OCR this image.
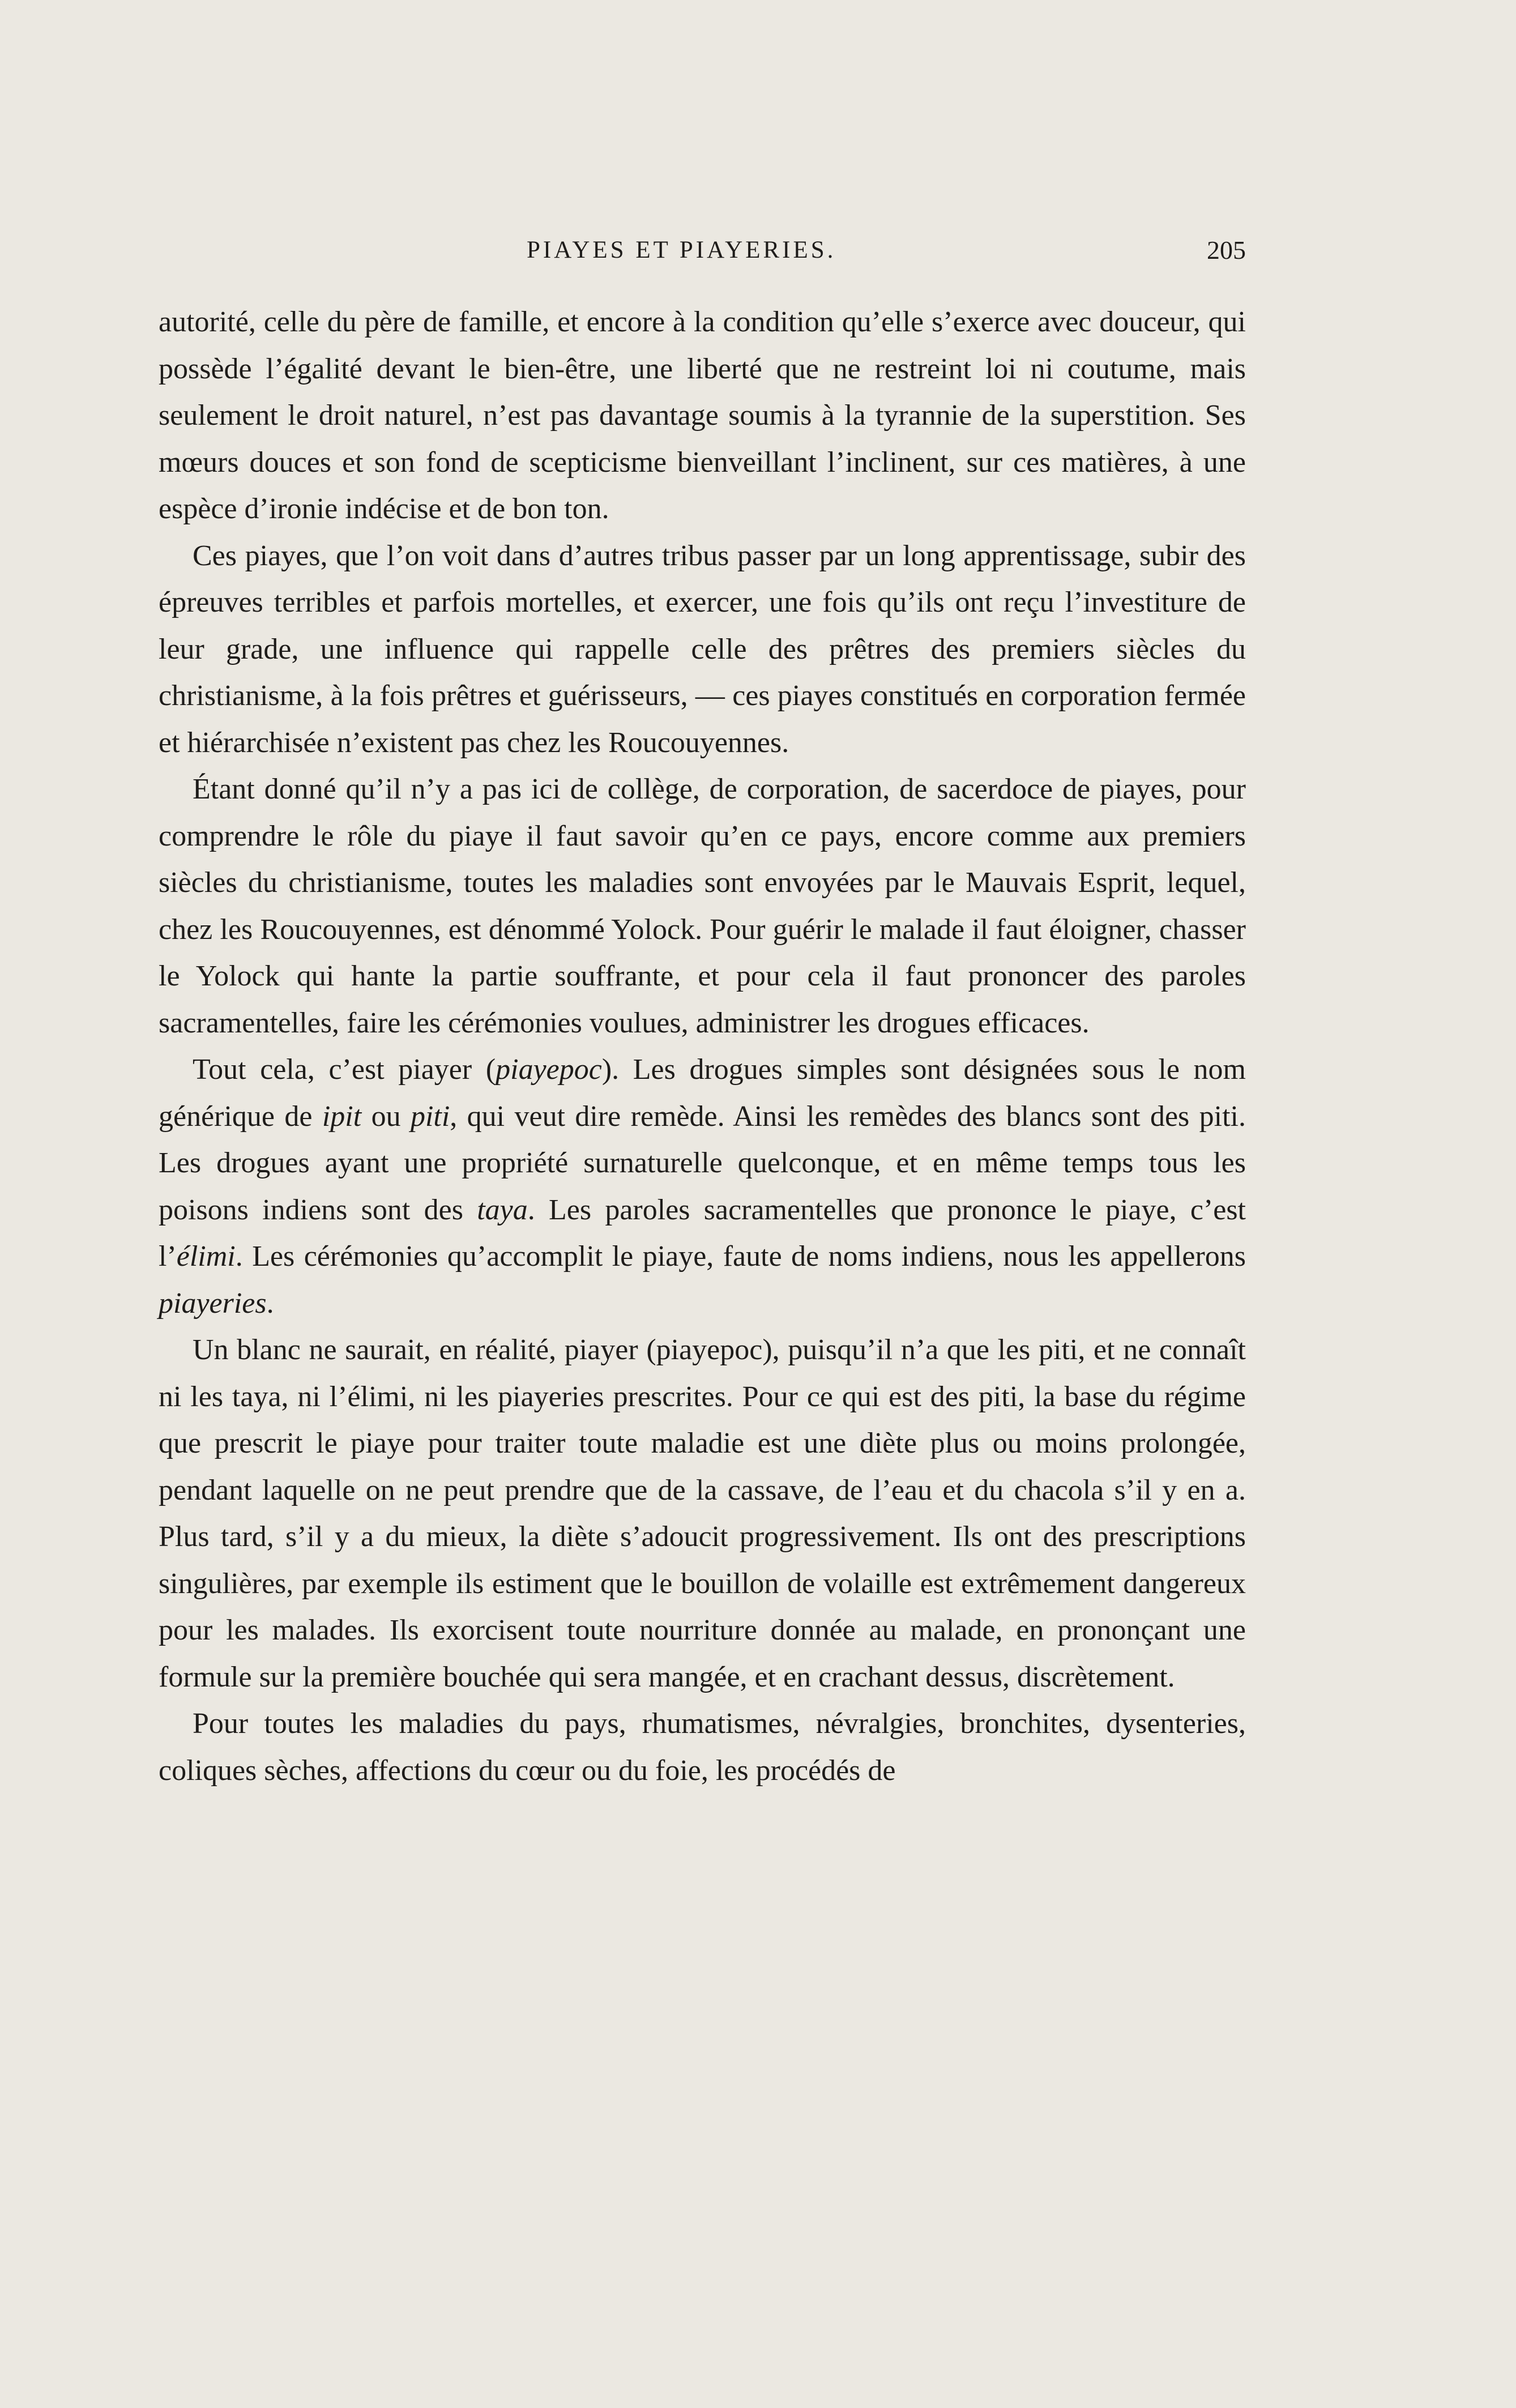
PIAYES ET PIAYERIES.	205

autorité, celle du père de famille, et encore à la condition qu’elle s’exerce avec douceur, qui possède l’égalité devant le bien-être, une liberté que ne restreint loi ni coutume, mais seulement le droit naturel, n’est pas davantage soumis à la tyrannie de la superstition. Ses mœurs douces et son fond de scepticisme bienveillant l’inclinent, sur ces matières, à une espèce d’ironie indécise et de bon ton.

Ces piayes, que l’on voit dans d’autres tribus passer par un long apprentissage, subir des épreuves terribles et parfois mortelles, et exercer, une fois qu’ils ont reçu l’investiture de leur grade, une influence qui rappelle celle des prêtres des premiers siècles du christianisme, à la fois prêtres et guérisseurs, — ces piayes constitués en corporation fermée et hiérarchisée n’existent pas chez les Roucouyennes.

Étant donné qu’il n’y a pas ici de collège, de corporation, de sacerdoce de piayes, pour comprendre le rôle du piaye il faut savoir qu’en ce pays, encore comme aux premiers siècles du christianisme, toutes les maladies sont envoyées par le Mauvais Esprit, lequel, chez les Roucouyennes, est dénommé Yolock. Pour guérir le malade il faut éloigner, chasser le Yolock qui hante la partie souffrante, et pour cela il faut prononcer des paroles sacramentelles, faire les cérémonies voulues, administrer les drogues efficaces.

Tout cela, c’est piayer (piayepoc). Les drogues simples sont désignées sous le nom générique de ipit ou piti, qui veut dire remède. Ainsi les remèdes des blancs sont des piti. Les drogues ayant une propriété surnaturelle quelconque, et en même temps tous les poisons indiens sont des taya. Les paroles sacramentelles que prononce le piaye, c’est l’élimi. Les cérémonies qu’accomplit le piaye, faute de noms indiens, nous les appellerons piayeries.

Un blanc ne saurait, en réalité, piayer (piayepoc), puisqu’il n’a que les piti, et ne connaît ni les taya, ni l’élimi, ni les piayeries prescrites. Pour ce qui est des piti, la base du régime que prescrit le piaye pour traiter toute maladie est une diète plus ou moins prolongée, pendant laquelle on ne peut prendre que de la cassave, de l’eau et du chacola s’il y en a. Plus tard, s’il y a du mieux, la diète s’adoucit progressivement. Ils ont des prescriptions singulières, par exemple ils estiment que le bouillon de volaille est extrêmement dangereux pour les malades. Ils exorcisent toute nourriture donnée au malade, en prononçant une formule sur la première bouchée qui sera mangée, et en crachant dessus, discrètement.

Pour toutes les maladies du pays, rhumatismes, névralgies, bronchites, dysenteries, coliques sèches, affections du cœur ou du foie, les procédés de
